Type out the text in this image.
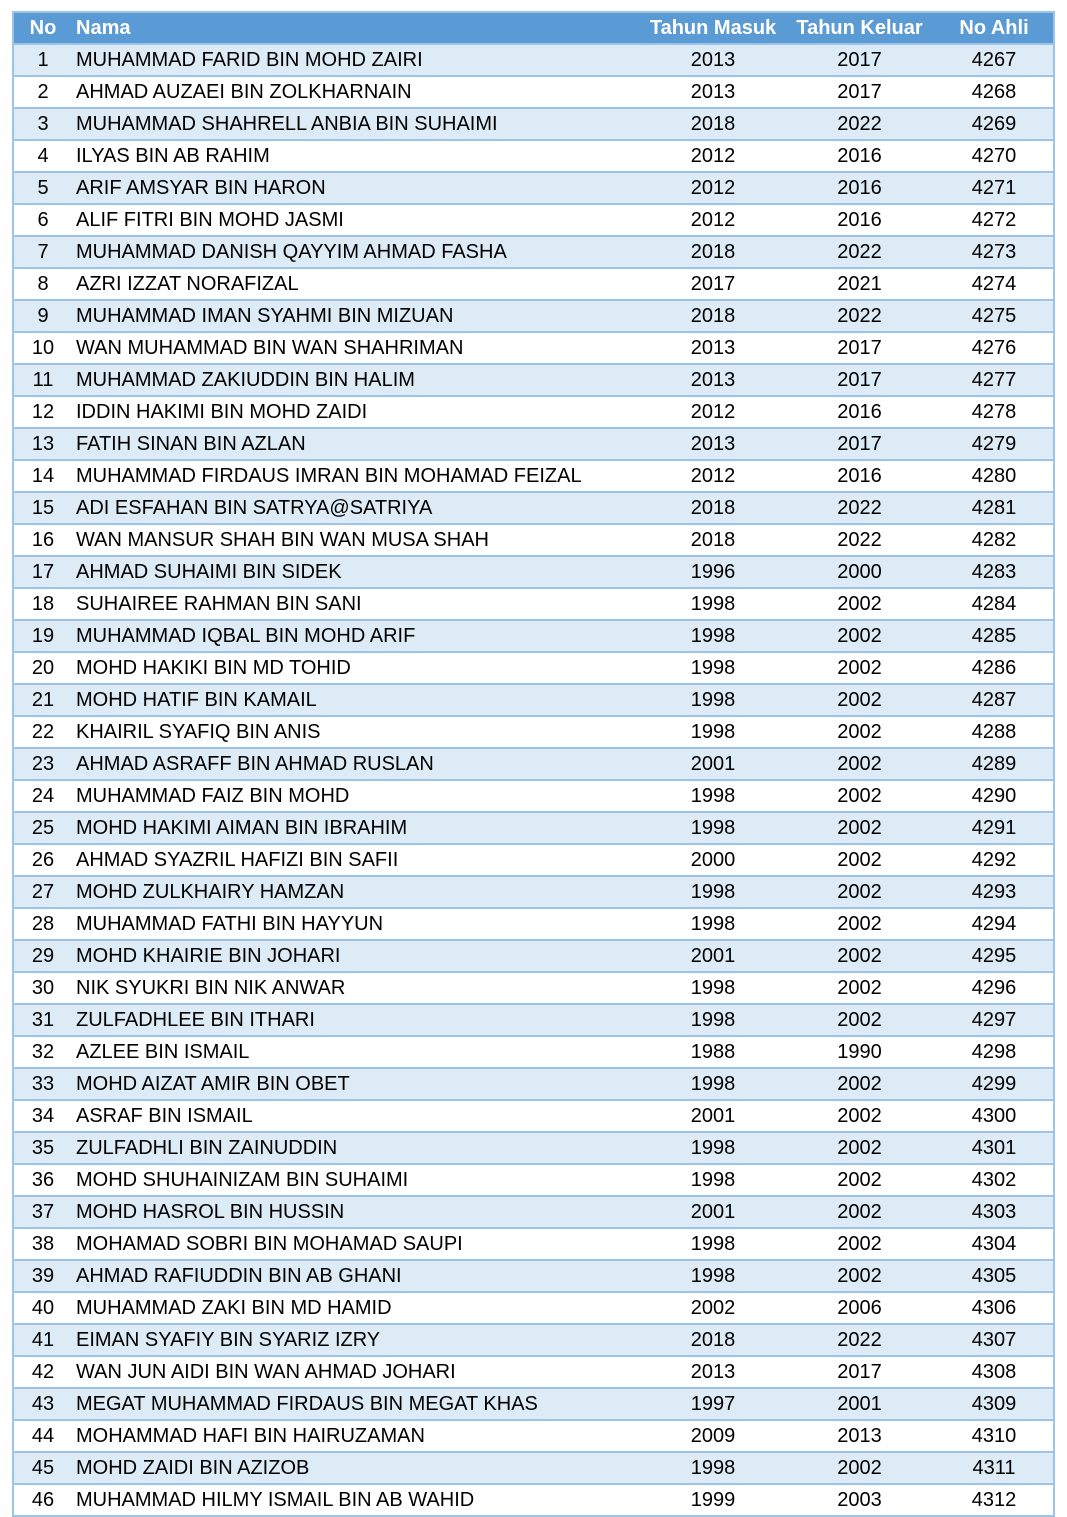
No	Nama	Tahun Masuk	Tahun Keluar	No Ahli
1	MUHAMMAD FARID BIN MOHD ZAIRI	2013	2017	4267
2	AHMAD AUZAEI BIN ZOLKHARNAIN	2013	2017	4268
3	MUHAMMAD SHAHRELL ANBIA BIN SUHAIMI	2018	2022	4269
4	ILYAS BIN AB RAHIM	2012	2016	4270
5	ARIF AMSYAR BIN HARON	2012	2016	4271
6	ALIF FITRI BIN MOHD JASMI	2012	2016	4272
7	MUHAMMAD DANISH QAYYIM AHMAD FASHA	2018	2022	4273
8	AZRI IZZAT NORAFIZAL	2017	2021	4274
9	MUHAMMAD IMAN SYAHMI BIN MIZUAN	2018	2022	4275
10	WAN MUHAMMAD BIN WAN SHAHRIMAN	2013	2017	4276
11	MUHAMMAD ZAKIUDDIN BIN HALIM	2013	2017	4277
12	IDDIN HAKIMI BIN MOHD ZAIDI	2012	2016	4278
13	FATIH SINAN BIN AZLAN	2013	2017	4279
14	MUHAMMAD FIRDAUS IMRAN BIN MOHAMAD FEIZAL	2012	2016	4280
15	ADI ESFAHAN BIN SATRYA@SATRIYA	2018	2022	4281
16	WAN MANSUR SHAH BIN WAN MUSA SHAH	2018	2022	4282
17	AHMAD SUHAIMI BIN SIDEK	1996	2000	4283
18	SUHAIREE RAHMAN BIN SANI	1998	2002	4284
19	MUHAMMAD IQBAL BIN MOHD ARIF	1998	2002	4285
20	MOHD HAKIKI BIN MD TOHID	1998	2002	4286
21	MOHD HATIF BIN KAMAIL	1998	2002	4287
22	KHAIRIL SYAFIQ BIN ANIS	1998	2002	4288
23	AHMAD ASRAFF BIN AHMAD RUSLAN	2001	2002	4289
24	MUHAMMAD FAIZ BIN MOHD	1998	2002	4290
25	MOHD HAKIMI AIMAN BIN IBRAHIM	1998	2002	4291
26	AHMAD SYAZRIL HAFIZI BIN SAFII	2000	2002	4292
27	MOHD ZULKHAIRY HAMZAN	1998	2002	4293
28	MUHAMMAD FATHI BIN HAYYUN	1998	2002	4294
29	MOHD KHAIRIE BIN JOHARI	2001	2002	4295
30	NIK SYUKRI BIN NIK ANWAR	1998	2002	4296
31	ZULFADHLEE BIN ITHARI	1998	2002	4297
32	AZLEE BIN ISMAIL	1988	1990	4298
33	MOHD AIZAT AMIR BIN OBET	1998	2002	4299
34	ASRAF BIN ISMAIL	2001	2002	4300
35	ZULFADHLI BIN ZAINUDDIN	1998	2002	4301
36	MOHD SHUHAINIZAM BIN SUHAIMI	1998	2002	4302
37	MOHD HASROL BIN HUSSIN	2001	2002	4303
38	MOHAMAD SOBRI BIN MOHAMAD SAUPI	1998	2002	4304
39	AHMAD RAFIUDDIN BIN AB GHANI	1998	2002	4305
40	MUHAMMAD ZAKI BIN MD HAMID	2002	2006	4306
41	EIMAN SYAFIY BIN SYARIZ IZRY	2018	2022	4307
42	WAN JUN AIDI BIN WAN AHMAD JOHARI	2013	2017	4308
43	MEGAT MUHAMMAD FIRDAUS BIN MEGAT KHAS	1997	2001	4309
44	MOHAMMAD HAFI BIN HAIRUZAMAN	2009	2013	4310
45	MOHD ZAIDI BIN AZIZOB	1998	2002	4311
46	MUHAMMAD HILMY ISMAIL BIN AB WAHID	1999	2003	4312
